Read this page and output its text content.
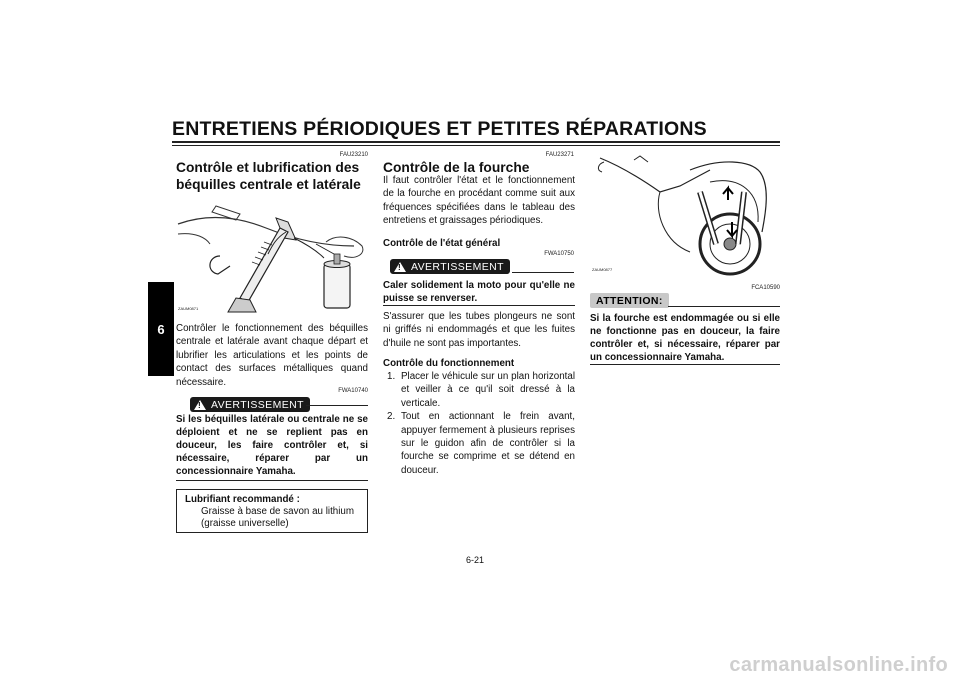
ENTRETIENS PÉRIODIQUES ET PETITES RÉPARATIONS
6
FAU23210
Contrôle et lubrification des
béquilles centrale et latérale
ZAUM0871
Contrôler le fonctionnement des béquilles centrale et latérale avant chaque départ et lubrifier les articulations et les points de contact des surfaces métalliques quand nécessaire.
FWA10740
! AVERTISSEMENT
Si les béquilles latérale ou centrale ne se déploient et ne se replient pas en douceur, les faire contrôler et, si nécessaire, réparer par un concessionnaire Yamaha.
Lubrifiant recommandé :
Graisse à base de savon au lithium
(graisse universelle)
FAU23271
Contrôle de la fourche
Il faut contrôler l'état et le fonctionnement de la fourche en procédant comme suit aux fréquences spécifiées dans le tableau des entretiens et graissages périodiques.
Contrôle de l'état général
FWA10750
! AVERTISSEMENT
Caler solidement la moto pour qu'elle ne puisse se renverser.
S'assurer que les tubes plongeurs ne sont ni griffés ni endommagés et que les fuites d'huile ne sont pas importantes.
Contrôle du fonctionnement
1. Placer le véhicule sur un plan horizontal et veiller à ce qu'il soit dressé à la verticale.
2. Tout en actionnant le frein avant, appuyer fermement à plusieurs reprises sur le guidon afin de contrôler si la fourche se comprime et se détend en douceur.
ZAUM0877
FCA10590
ATTENTION:
Si la fourche est endommagée ou si elle ne fonctionne pas en douceur, la faire contrôler et, si nécessaire, réparer par un concessionnaire Yamaha.
6-21
carmanualsonline.info
